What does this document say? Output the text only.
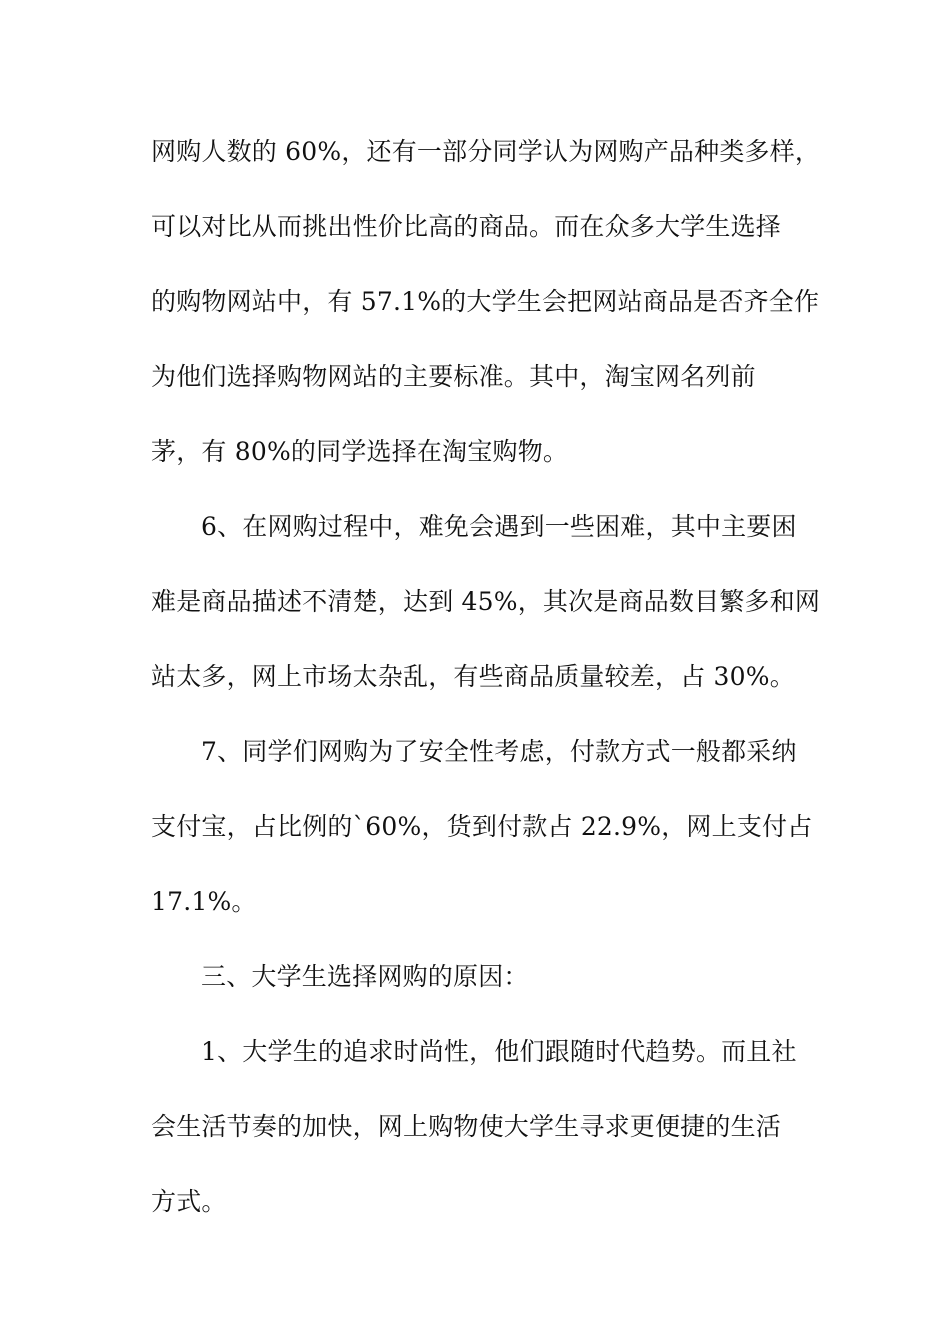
网购人数的 60%，还有一部分同学认为网购产品种类多样，
可以对比从而挑出性价比高的商品。而在众多大学生选择
的购物网站中，有 57.1%的大学生会把网站商品是否齐全作
为他们选择购物网站的主要标准。其中，淘宝网名列前
茅，有 80%的同学选择在淘宝购物。
6、在网购过程中，难免会遇到一些困难，其中主要困
难是商品描述不清楚，达到 45%，其次是商品数目繁多和网
站太多，网上市场太杂乱，有些商品质量较差，占 30%。
7、同学们网购为了安全性考虑，付款方式一般都采纳
支付宝，占比例的`60%，货到付款占 22.9%，网上支付占
17.1%。
三、大学生选择网购的原因：
1、大学生的追求时尚性，他们跟随时代趋势。而且社
会生活节奏的加快，网上购物使大学生寻求更便捷的生活
方式。
